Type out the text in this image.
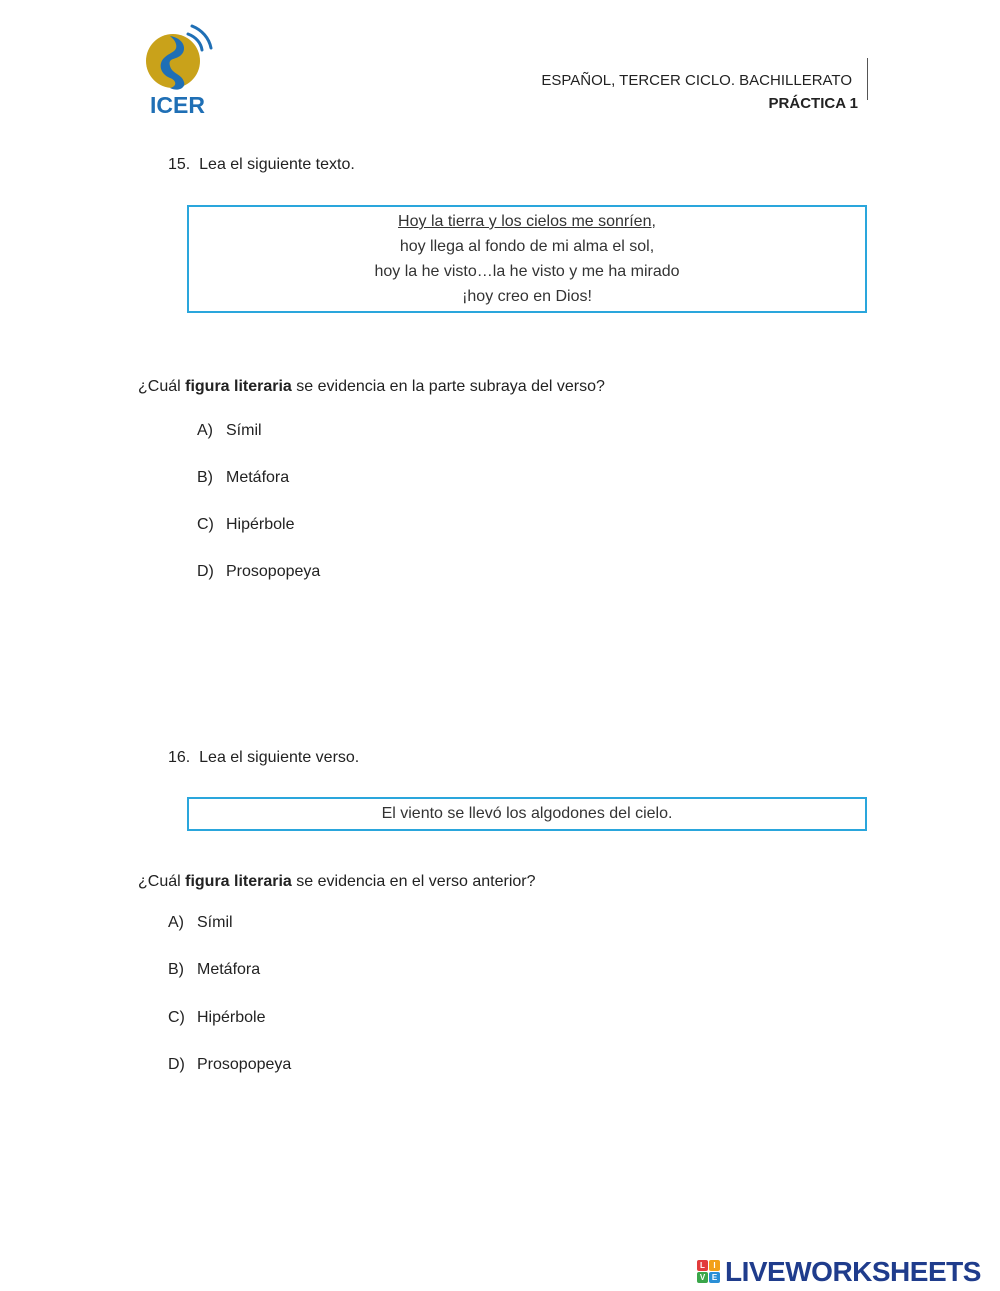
ICER
ESPAÑOL, TERCER CICLO. BACHILLERATO
PRÁCTICA 1
15. Lea el siguiente texto.
Hoy la tierra y los cielos me sonríen,
hoy llega al fondo de mi alma el sol,
hoy la he visto…la he visto y me ha mirado
¡hoy creo en Dios!
¿Cuál figura literaria se evidencia en la parte subraya del verso?
A) Símil
B) Metáfora
C) Hipérbole
D) Prosopopeya
16. Lea el siguiente verso.
El viento se llevó los algodones del cielo.
¿Cuál figura literaria se evidencia en el verso anterior?
A) Símil
B) Metáfora
C) Hipérbole
D) Prosopopeya
L	I
V E LIVEWORKSHEETS
